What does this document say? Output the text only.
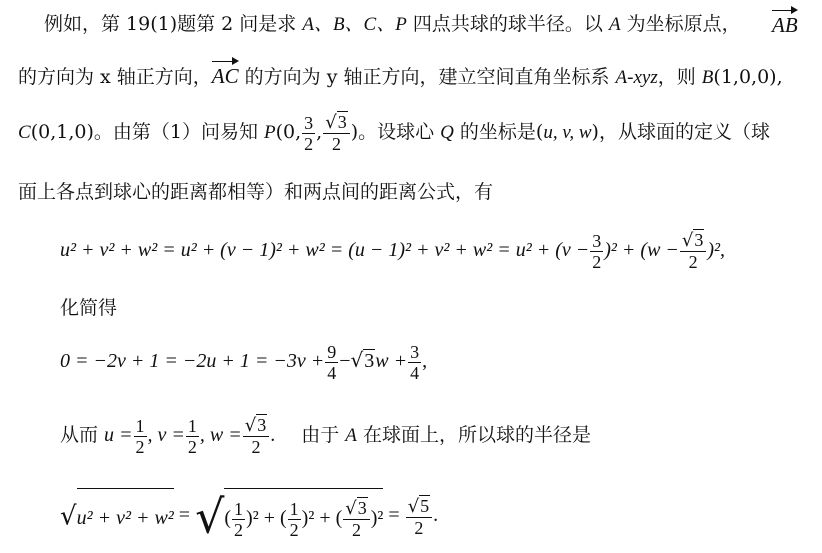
例如，第 19(1)题第 2 问是求 A、B、C、P 四点共球的球半径。以 A 为坐标原点， AB
的方向为 x 轴正方向，AC 的方向为 y 轴正方向，建立空间直角坐标系 A-xyz，则 B(1,0,0),
C(0,1,0)。由第（1）问易知 P(0, $\frac{3}{2}$ , $\frac{√3}{2}$ )。设球心 Q 的坐标是(u, v, w)，从球面的定义（球
面上各点到球心的距离都相等）和两点间的距离公式，有
$u^2 + v^2 + w^2 = u^2 + (v - 1)^2 + w^2 = (u - 1)^2 + v^2 + w^2 = u^2 + (v - \frac{3}{2} )^2 + (w - \frac{√3}{2} )^2$,
化简得
$0 = -2v + 1 = -2u + 1 = -3v + \frac{9}{4} -√3w + \frac{3}{4}$ ,
从而 $u = \frac{1}{2}$ , $v = \frac{1}{2}$ , $w = \frac{√3}{2}$ . 由于 A 在球面上，所以球的半径是
√u² + v² + w² = √( $\frac{1}{2} )^2$ + ( $\frac{1}{2} )^2$ + ( $\frac{√3}{2} )^2 = \frac{√5}{2}$ .
